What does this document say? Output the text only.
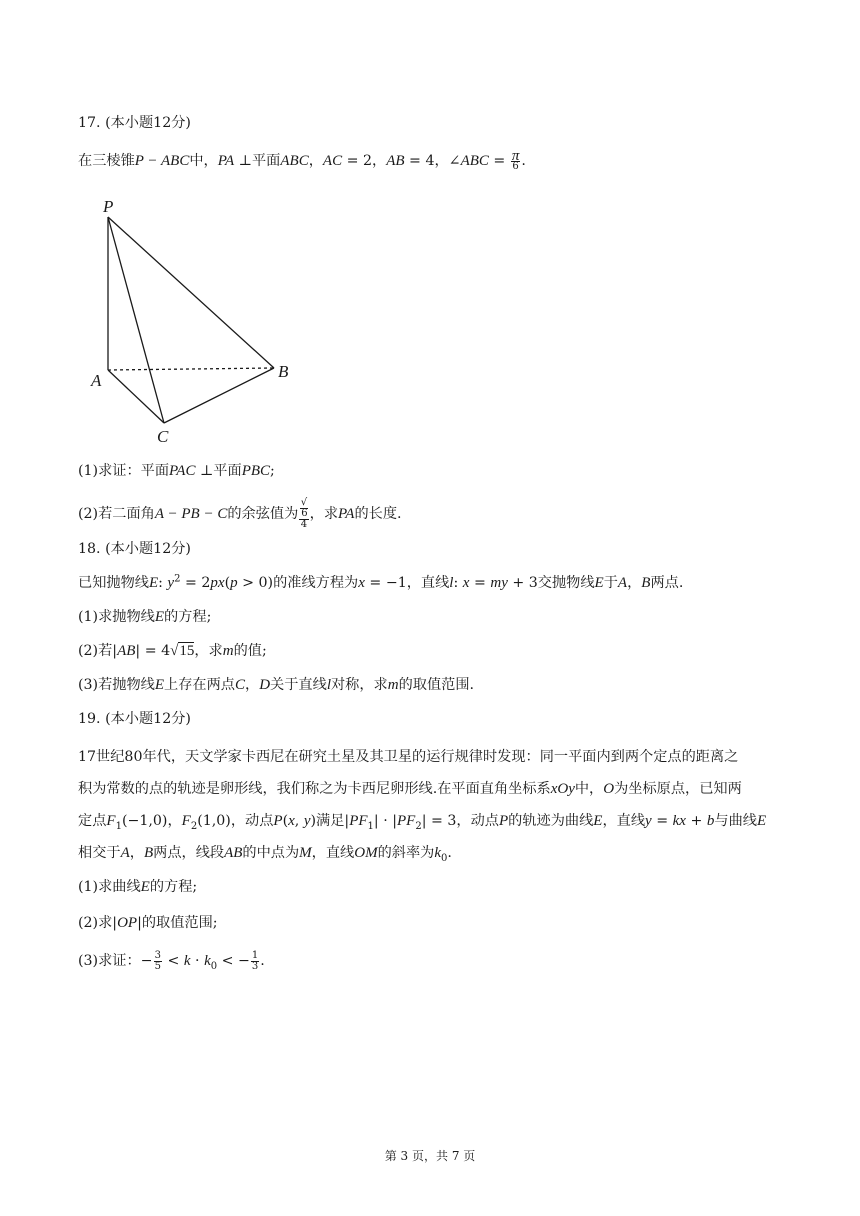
17. (本小题12分)
在三棱锥P − ABC中，PA ⊥平面ABC，AC = 2，AB = 4，∠ABC = $\frac{\pi}{6}$ .
P
A	B
C
(1)求证：平面PAC ⊥平面PBC;
(2)若二面角A − PB − C的余弦值为 √
6
4 ，求PA的长度.
18. (本小题12分)
已知抛物线E: $y^2 = 2px(p > 0)$的准线方程为x = −1，直线l: x = my + 3交抛物线E于A，B两点.
(1)求抛物线E的方程;
(2)若|AB| = 4√15，求m的值;
(3)若抛物线E上存在两点C，D关于直线l对称，求m的取值范围.
19. (本小题12分)
17世纪80年代，天文学家卡西尼在研究土星及其卫星的运行规律时发现：同一平面内到两个定点的距离之
积为常数的点的轨迹是卵形线，我们称之为卡西尼卵形线.在平面直角坐标系xOy中，O为坐标原点，已知两
定点$F_1(-1,0)$，$F_2(1,0)$，动点P(x, y)满足$|PF_1| \cdot |PF_2| = 3$，动点P的轨迹为曲线E，直线y = kx + b与曲线E
相交于A，B两点，线段AB的中点为M，直线OM的斜率为$k_0$.
(1)求曲线E的方程;
(2)求|OP|的取值范围;
(3)求证：− $\frac{3}{5} < k \cdot k_0$ < − $\frac{1}{3}$ .
第 3 页，共 7 页
